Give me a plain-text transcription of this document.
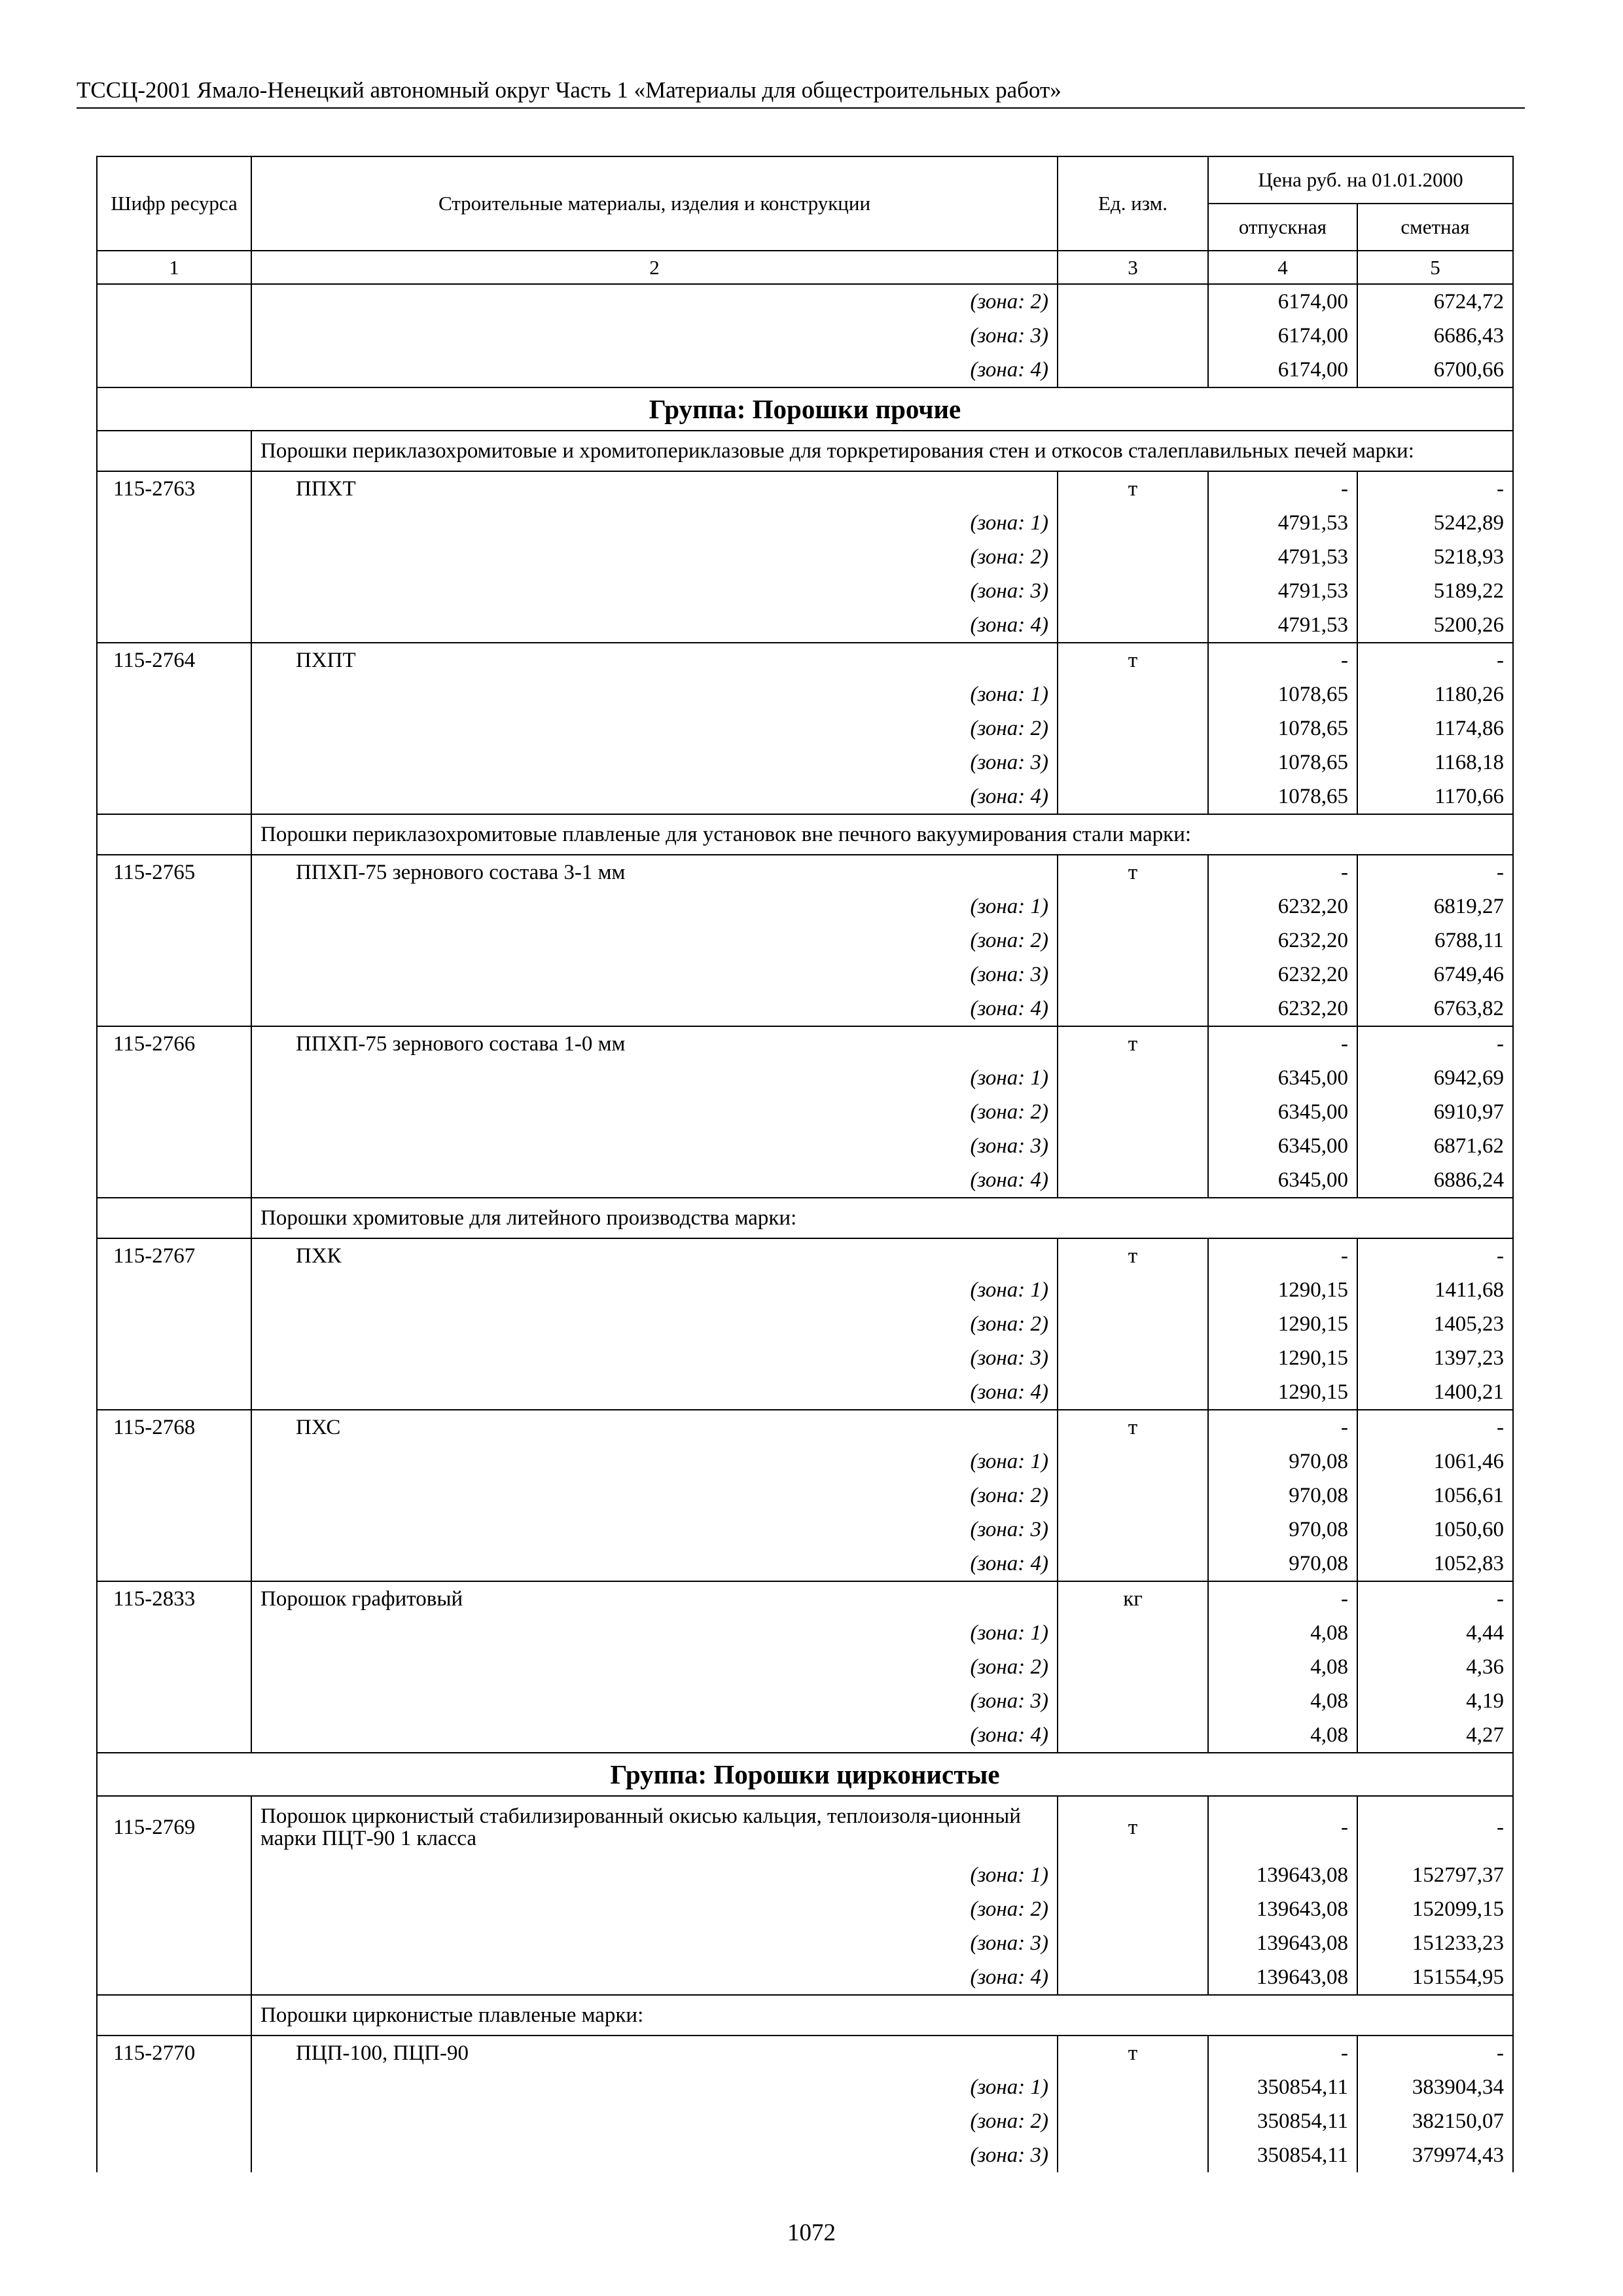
ТССЦ-2001 Ямало-Ненецкий автономный округ Часть 1 «Материалы для общестроительных работ»
Шифр ресурса	Строительные материалы, изделия и конструкции	Ед. изм.	Цена руб. на 01.01.2000	
			отпускная	сметная
1	2	3	4	5
	(зона: 2)		6174,00	6724,72
	(зона: 3)		6174,00	6686,43
	(зона: 4)		6174,00	6700,66
Группа: Порошки прочие				
	Порошки периклазохромитовые и хромитопериклазовые для торкретирования стен и откосов сталеплавильных печей марки:			
115-2763	ППХТ	т	-	-
	(зона: 1)		4791,53	5242,89
	(зона: 2)		4791,53	5218,93
	(зона: 3)		4791,53	5189,22
	(зона: 4)		4791,53	5200,26
115-2764	ПХПТ	т	-	-
	(зона: 1)		1078,65	1180,26
	(зона: 2)		1078,65	1174,86
	(зона: 3)		1078,65	1168,18
	(зона: 4)		1078,65	1170,66
	Порошки периклазохромитовые плавленые для установок вне печного вакуумирования стали марки:			
115-2765	ППХП-75 зернового состава 3-1 мм	т	-	-
	(зона: 1)		6232,20	6819,27
	(зона: 2)		6232,20	6788,11
	(зона: 3)		6232,20	6749,46
	(зона: 4)		6232,20	6763,82
115-2766	ППХП-75 зернового состава 1-0 мм	т	-	-
	(зона: 1)		6345,00	6942,69
	(зона: 2)		6345,00	6910,97
	(зона: 3)		6345,00	6871,62
	(зона: 4)		6345,00	6886,24
	Порошки хромитовые для литейного производства марки:			
115-2767	ПХК	т	-	-
	(зона: 1)		1290,15	1411,68
	(зона: 2)		1290,15	1405,23
	(зона: 3)		1290,15	1397,23
	(зона: 4)		1290,15	1400,21
115-2768	ПХС	т	-	-
	(зона: 1)		970,08	1061,46
	(зона: 2)		970,08	1056,61
	(зона: 3)		970,08	1050,60
	(зона: 4)		970,08	1052,83
115-2833	Порошок графитовый	кг	-	-
	(зона: 1)		4,08	4,44
	(зона: 2)		4,08	4,36
	(зона: 3)		4,08	4,19
	(зона: 4)		4,08	4,27
Группа: Порошки цирконистые				
115-2769	Порошок цирконистый стабилизированный окисью кальция, теплоизоля-ционный марки ПЦТ-90 1 класса	т	-	-
	(зона: 1)		139643,08	152797,37
	(зона: 2)		139643,08	152099,15
	(зона: 3)		139643,08	151233,23
	(зона: 4)		139643,08	151554,95
	Порошки цирконистые плавленые марки:			
115-2770	ПЦП-100, ПЦП-90	т	-	-
	(зона: 1)		350854,11	383904,34
	(зона: 2)		350854,11	382150,07
	(зона: 3)		350854,11	379974,43
1072
